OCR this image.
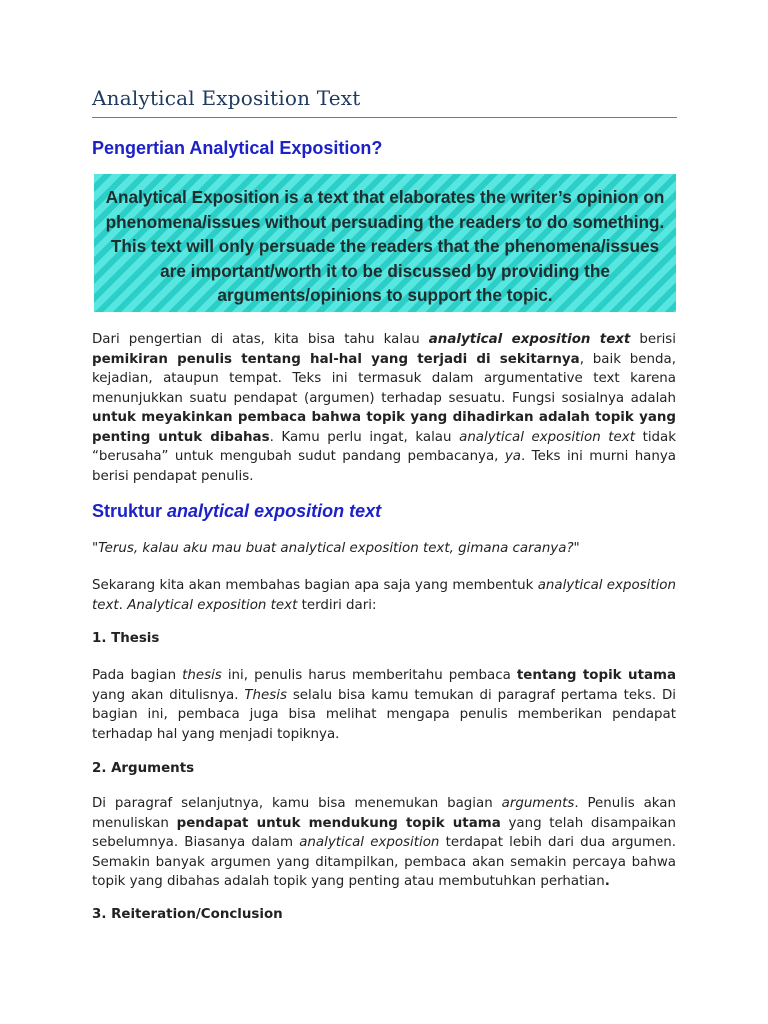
Analytical Exposition Text
Pengertian Analytical Exposition?
Analytical Exposition is a text that elaborates the writer’s opinion on phenomena/issues without persuading the readers to do something. This text will only persuade the readers that the phenomena/issues are important/worth it to be discussed by providing the arguments/opinions to support the topic.
Dari pengertian di atas, kita bisa tahu kalau analytical exposition text berisi pemikiran penulis tentang hal-hal yang terjadi di sekitarnya, baik benda, kejadian, ataupun tempat. Teks ini termasuk dalam argumentative text karena menunjukkan suatu pendapat (argumen) terhadap sesuatu. Fungsi sosialnya adalah untuk meyakinkan pembaca bahwa topik yang dihadirkan adalah topik yang penting untuk dibahas. Kamu perlu ingat, kalau analytical exposition text tidak “berusaha” untuk mengubah sudut pandang pembacanya, ya. Teks ini murni hanya berisi pendapat penulis.
Struktur analytical exposition text
"Terus, kalau aku mau buat analytical exposition text, gimana caranya?"
Sekarang kita akan membahas bagian apa saja yang membentuk analytical exposition text. Analytical exposition text terdiri dari:
1. Thesis
Pada bagian thesis ini, penulis harus memberitahu pembaca tentang topik utama yang akan ditulisnya. Thesis selalu bisa kamu temukan di paragraf pertama teks. Di bagian ini, pembaca juga bisa melihat mengapa penulis memberikan pendapat terhadap hal yang menjadi topiknya.
2. Arguments
Di paragraf selanjutnya, kamu bisa menemukan bagian arguments. Penulis akan menuliskan pendapat untuk mendukung topik utama yang telah disampaikan sebelumnya. Biasanya dalam analytical exposition terdapat lebih dari dua argumen. Semakin banyak argumen yang ditampilkan, pembaca akan semakin percaya bahwa topik yang dibahas adalah topik yang penting atau membutuhkan perhatian.
3. Reiteration/Conclusion
